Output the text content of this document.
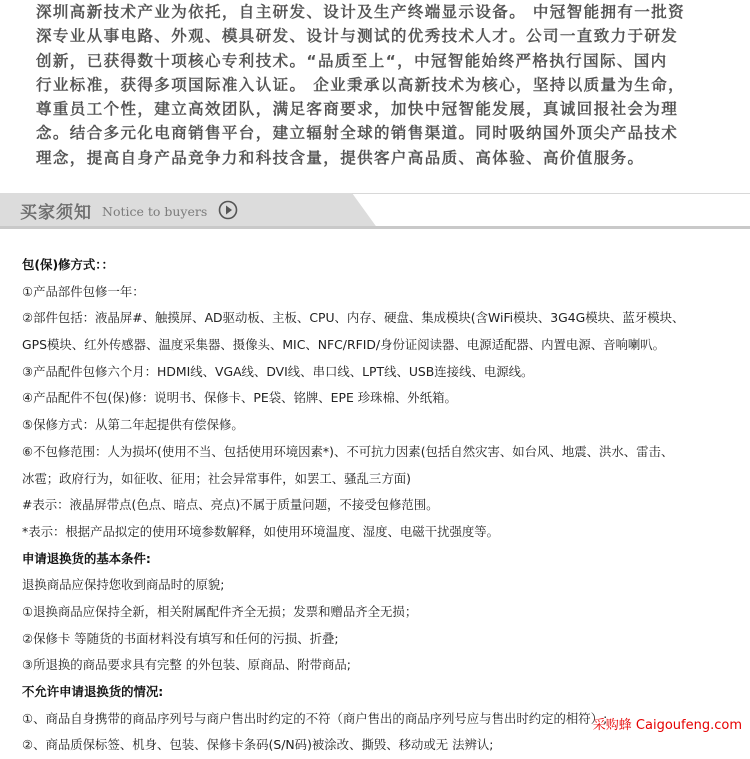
深圳高新技术产业为依托，自主研发、设计及生产终端显示设备。 中冠智能拥有一批资
深专业从事电路、外观、模具研发、设计与测试的优秀技术人才。公司一直致力于研发
创新，已获得数十项核心专利技术。“品质至上“，中冠智能始终严格执行国际、国内
行业标准，获得多项国际准入认证。 企业秉承以高新技术为核心，坚持以质量为生命，
尊重员工个性，建立高效团队，满足客商要求，加快中冠智能发展，真诚回报社会为理
念。结合多元化电商销售平台，建立辐射全球的销售渠道。同时吸纳国外顶尖产品技术
理念，提高自身产品竞争力和科技含量，提供客户高品质、高体验、高价值服务。
买家须知 Notice to buyers
包(保)修方式：：
①产品部件包修一年：
②部件包括：液晶屏#、触摸屏、AD驱动板、主板、CPU、内存、硬盘、集成模块(含WiFi模块、3G4G模块、蓝牙模块、
GPS模块、红外传感器、温度采集器、摄像头、MIC、NFC/RFID/身份证阅读器、电源适配器、内置电源、音响喇叭。
③产品配件包修六个月：HDMI线、VGA线、DVI线、串口线、LPT线、USB连接线、电源线。
④产品配件不包(保)修：说明书、保修卡、PE袋、铭牌、EPE 珍珠棉、外纸箱。
⑤保修方式：从第二年起提供有偿保修。
⑥不包修范围：人为损坏(使用不当、包括使用环境因素*)、不可抗力因素(包括自然灾害、如台风、地震、洪水、雷击、
冰雹；政府行为，如征收、征用；社会异常事件，如罢工、骚乱三方面)
#表示：液晶屏带点(色点、暗点、亮点)不属于质量问题，不接受包修范围。
*表示：根据产品拟定的使用环境参数解释，如使用环境温度、湿度、电磁干扰强度等。
申请退换货的基本条件:
退换商品应保持您收到商品时的原貌;
①退换商品应保持全新，相关附属配件齐全无损；发票和赠品齐全无损；
②保修卡 等随货的书面材料没有填写和任何的污损、折叠;
③所退换的商品要求具有完整 的外包装、原商品、附带商品;
不允许申请退换货的情况:
①、商品自身携带的商品序列号与商户售出时约定的不符（商户售出的商品序列号应与售出时约定的相符）;
②、商品质保标签、机身、包装、保修卡条码(S/N码)被涂改、撕毁、移动或无 法辨认;
采购蜂 Caigoufeng.com
